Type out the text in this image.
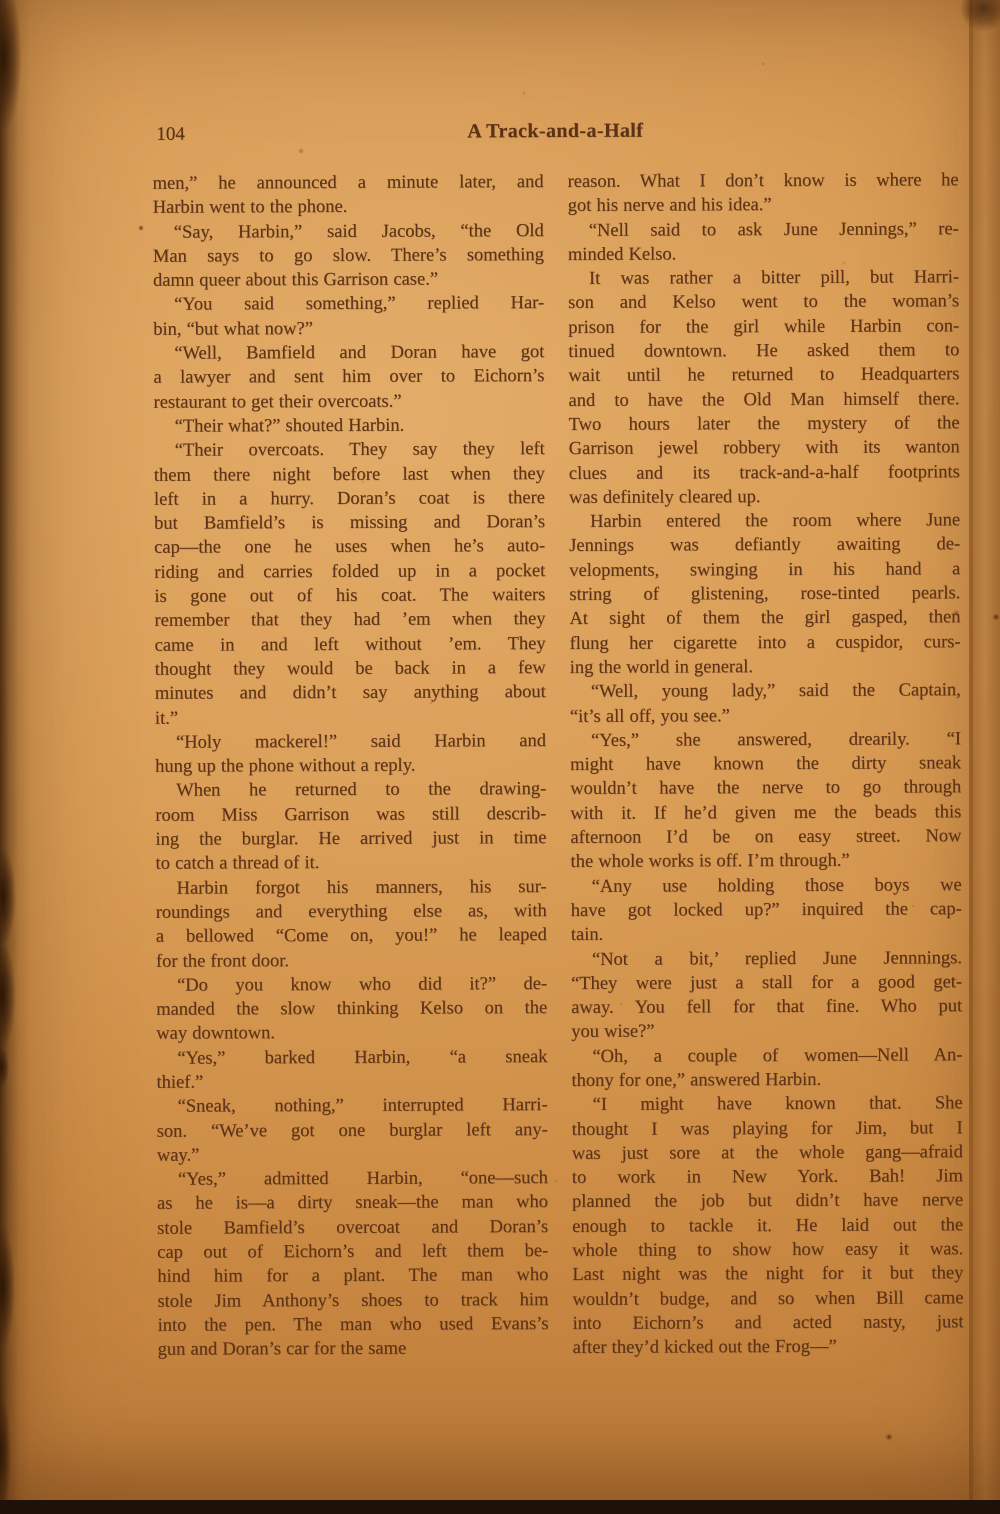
104	A Track-and-a-Half
men,” he announced a minute later, and
Harbin went to the phone.
“Say, Harbin,” said Jacobs, “the Old
Man says to go slow. There’s something
damn queer about this Garrison case.”
“You said something,” replied Har-
bin, “but what now?”
“Well, Bamfield and Doran have got
a lawyer and sent him over to Eichorn’s
restaurant to get their overcoats.”
“Their what?” shouted Harbin.
“Their overcoats. They say they left
them there night before last when they
left in a hurry. Doran’s coat is there
but Bamfield’s is missing and Doran’s
cap—the one he uses when he’s auto-
riding and carries folded up in a pocket
is gone out of his coat. The waiters
remember that they had ’em when they
came in and left without ’em. They
thought they would be back in a few
minutes and didn’t say anything about
it.”
“Holy mackerel!” said Harbin and
hung up the phone without a reply.
When he returned to the drawing-
room Miss Garrison was still describ-
ing the burglar. He arrived just in time
to catch a thread of it.
Harbin forgot his manners, his sur-
roundings and everything else as, with
a bellowed “Come on, you!” he leaped
for the front door.
“Do you know who did it?” de-
manded the slow thinking Kelso on the
way downtown.
“Yes,” barked Harbin, “a sneak
thief.”
“Sneak, nothing,” interrupted Harri-
son. “We’ve got one burglar left any-
way.”
“Yes,” admitted Harbin, “one—such
as he is—a dirty sneak—the man who
stole Bamfield’s overcoat and Doran’s
cap out of Eichorn’s and left them be-
hind him for a plant. The man who
stole Jim Anthony’s shoes to track him
into the pen. The man who used Evans’s
gun and Doran’s car for the same
reason. What I don’t know is where he
got his nerve and his idea.”
“Nell said to ask June Jennings,” re-
minded Kelso.
It was rather a bitter pill, but Harri-
son and Kelso went to the woman’s
prison for the girl while Harbin con-
tinued downtown. He asked them to
wait until he returned to Headquarters
and to have the Old Man himself there.
Two hours later the mystery of the
Garrison jewel robbery with its wanton
clues and its track-and-a-half footprints
was definitely cleared up.
Harbin entered the room where June
Jennings was defiantly awaiting de-
velopments, swinging in his hand a
string of glistening, rose-tinted pearls.
At sight of them the girl gasped, then
flung her cigarette into a cuspidor, curs-
ing the world in general.
“Well, young lady,” said the Captain,
“it’s all off, you see.”
“Yes,” she answered, drearily. “I
might have known the dirty sneak
wouldn’t have the nerve to go through
with it. If he’d given me the beads this
afternoon I’d be on easy street. Now
the whole works is off. I’m through.”
“Any use holding those boys we
have got locked up?” inquired the cap-
tain.
“Not a bit,’ replied June Jennnings.
“They were just a stall for a good get-
away. You fell for that fine. Who put
you wise?”
“Oh, a couple of women—Nell An-
thony for one,” answered Harbin.
“I might have known that. She
thought I was playing for Jim, but I
was just sore at the whole gang—afraid
to work in New York. Bah! Jim
planned the job but didn’t have nerve
enough to tackle it. He laid out the
whole thing to show how easy it was.
Last night was the night for it but they
wouldn’t budge, and so when Bill came
into Eichorn’s and acted nasty, just
after they’d kicked out the Frog—”
